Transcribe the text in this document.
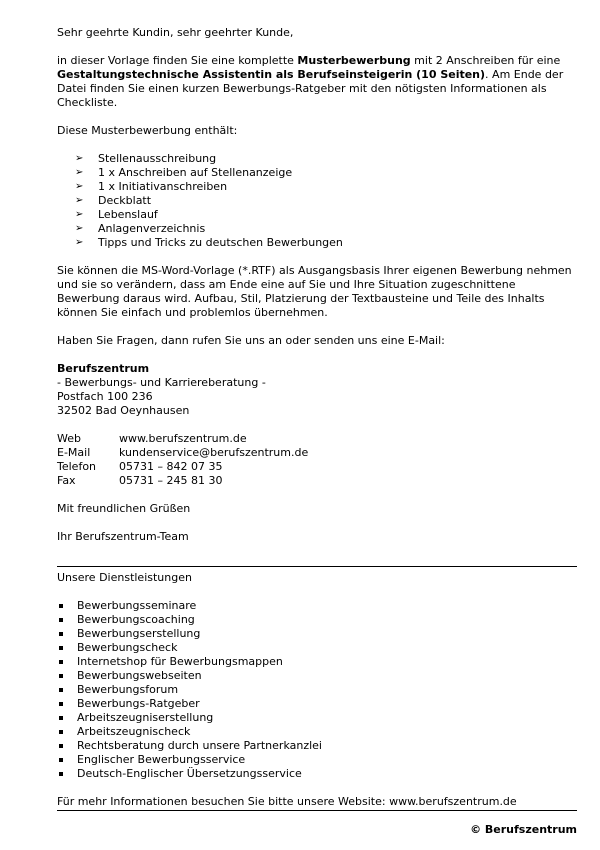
Sehr geehrte Kundin, sehr geehrter Kunde,

in dieser Vorlage finden Sie eine komplette Musterbewerbung mit 2 Anschreiben für eine Gestaltungstechnische Assistentin als Berufseinsteigerin (10 Seiten). Am Ende der Datei finden Sie einen kurzen Bewerbungs-Ratgeber mit den nötigsten Informationen als Checkliste.

Diese Musterbewerbung enthält:

➢ Stellenausschreibung
➢ 1 x Anschreiben auf Stellenanzeige
➢ 1 x Initiativanschreiben
➢ Deckblatt
➢ Lebenslauf
➢ Anlagenverzeichnis
➢ Tipps und Tricks zu deutschen Bewerbungen

Sie können die MS-Word-Vorlage (*.RTF) als Ausgangsbasis Ihrer eigenen Bewerbung nehmen und sie so verändern, dass am Ende eine auf Sie und Ihre Situation zugeschnittene Bewerbung daraus wird. Aufbau, Stil, Platzierung der Textbausteine und Teile des Inhalts können Sie einfach und problemlos übernehmen.

Haben Sie Fragen, dann rufen Sie uns an oder senden uns eine E-Mail:

Berufszentrum

- Bewerbungs- und Karriereberatung -

Postfach 100 236

32502 Bad Oeynhausen

Web	www.berufszentrum.de
E-Mail	kundenservice@berufszentrum.de
Telefon	05731 – 842 07 35
Fax	05731 – 245 81 30

Mit freundlichen Grüßen

Ihr Berufszentrum-Team

Unsere Dienstleistungen

Bewerbungsseminare
Bewerbungscoaching
Bewerbungserstellung
Bewerbungscheck
Internetshop für Bewerbungsmappen
Bewerbungswebseiten
Bewerbungsforum
Bewerbungs-Ratgeber
Arbeitszeugniserstellung
Arbeitszeugnischeck
Rechtsberatung durch unsere Partnerkanzlei
Englischer Bewerbungsservice
Deutsch-Englischer Übersetzungsservice

Für mehr Informationen besuchen Sie bitte unsere Website: www.berufszentrum.de

© Berufszentrum
